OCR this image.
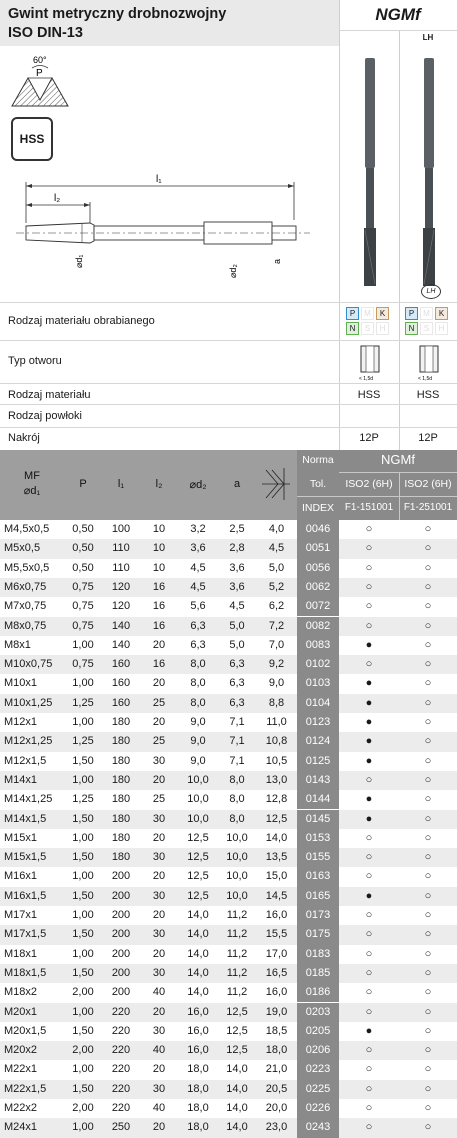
Gwint metryczny drobnozwojny
ISO DIN-13
NGMf
LH
60°
P
HSS
l₁
l₂
⌀d₁
⌀d₂
a
LH
Rodzaj materiału obrabianego
Typ otworu
Rodzaj materiału
Rodzaj powłoki
Nakrój
P	M	K
N	S	H
P	M	K
N	S	H
< 1,5d	< 1,5d
HSS	HSS
12P	12P
MF
⌀d₁
P	l₁	l₂	⌀d₂	a
Norma
Tol.
INDEX
NGMf
ISO2 (6H)	ISO2 (6H)
F1-151001	F1-251001
M4,5x0,5	0,50	100	10	3,2	2,5	4,0	0046	○	○
M5x0,5	0,50	110	10	3,6	2,8	4,5	0051	○	○
M5,5x0,5	0,50	110	10	4,5	3,6	5,0	0056	○	○
M6x0,75	0,75	120	16	4,5	3,6	5,2	0062	○	○
M7x0,75	0,75	120	16	5,6	4,5	6,2	0072	○	○
M8x0,75	0,75	140	16	6,3	5,0	7,2	0082	○	○
M8x1	1,00	140	20	6,3	5,0	7,0	0083	●	○
M10x0,75	0,75	160	16	8,0	6,3	9,2	0102	○	○
M10x1	1,00	160	20	8,0	6,3	9,0	0103	●	○
M10x1,25	1,25	160	25	8,0	6,3	8,8	0104	●	○
M12x1	1,00	180	20	9,0	7,1	11,0	0123	●	○
M12x1,25	1,25	180	25	9,0	7,1	10,8	0124	●	○
M12x1,5	1,50	180	30	9,0	7,1	10,5	0125	●	○
M14x1	1,00	180	20	10,0	8,0	13,0	0143	○	○
M14x1,25	1,25	180	25	10,0	8,0	12,8	0144	●	○
M14x1,5	1,50	180	30	10,0	8,0	12,5	0145	●	○
M15x1	1,00	180	20	12,5	10,0	14,0	0153	○	○
M15x1,5	1,50	180	30	12,5	10,0	13,5	0155	○	○
M16x1	1,00	200	20	12,5	10,0	15,0	0163	○	○
M16x1,5	1,50	200	30	12,5	10,0	14,5	0165	●	○
M17x1	1,00	200	20	14,0	11,2	16,0	0173	○	○
M17x1,5	1,50	200	30	14,0	11,2	15,5	0175	○	○
M18x1	1,00	200	20	14,0	11,2	17,0	0183	○	○
M18x1,5	1,50	200	30	14,0	11,2	16,5	0185	○	○
M18x2	2,00	200	40	14,0	11,2	16,0	0186	○	○
M20x1	1,00	220	20	16,0	12,5	19,0	0203	○	○
M20x1,5	1,50	220	30	16,0	12,5	18,5	0205	●	○
M20x2	2,00	220	40	16,0	12,5	18,0	0206	○	○
M22x1	1,00	220	20	18,0	14,0	21,0	0223	○	○
M22x1,5	1,50	220	30	18,0	14,0	20,5	0225	○	○
M22x2	2,00	220	40	18,0	14,0	20,0	0226	○	○
M24x1	1,00	250	20	18,0	14,0	23,0	0243	○	○
